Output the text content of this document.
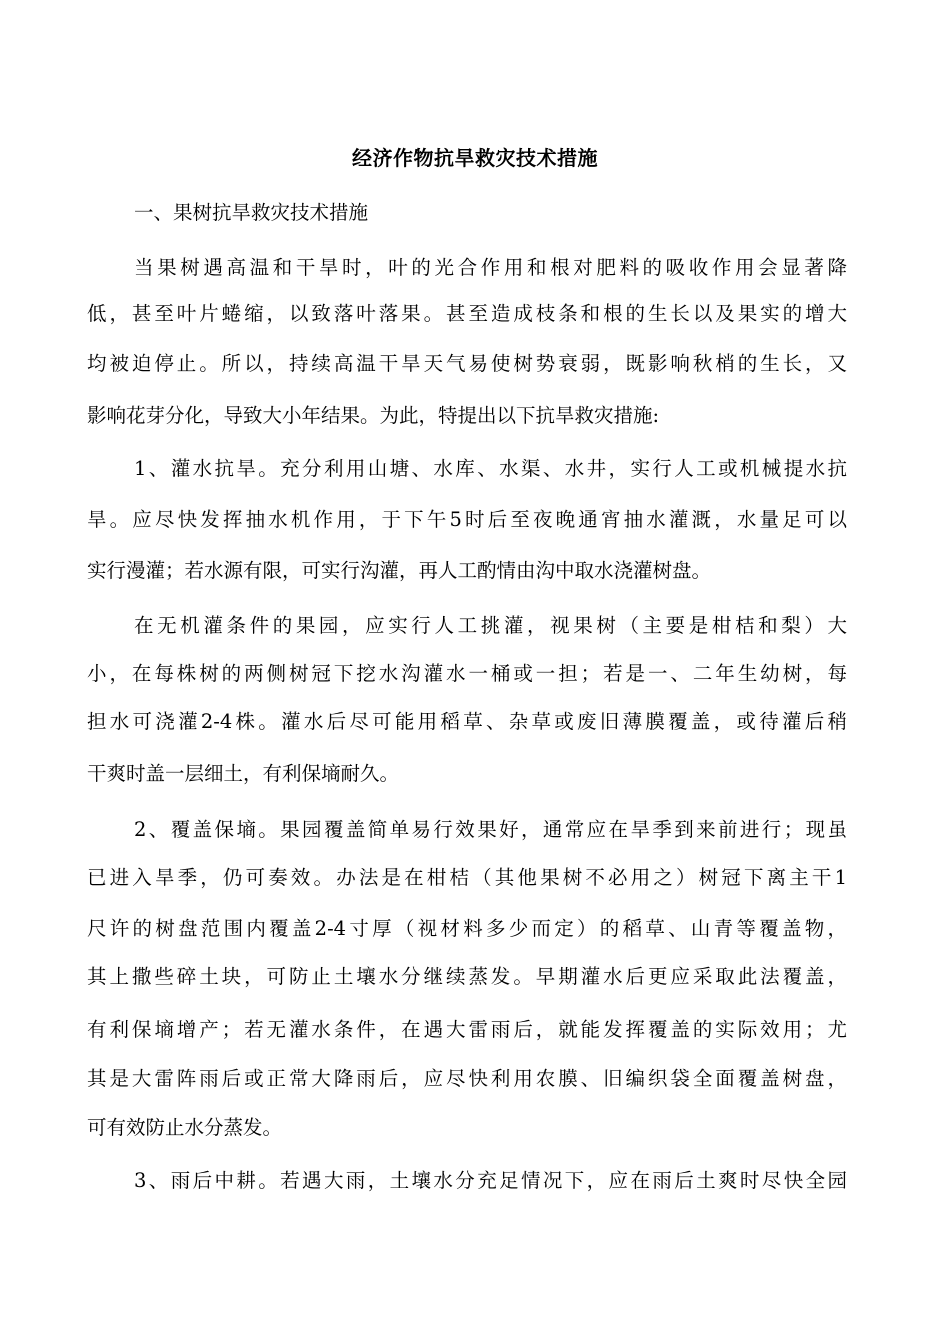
经济作物抗旱救灾技术措施
一、果树抗旱救灾技术措施
当果树遇高温和干旱时，叶的光合作用和根对肥料的吸收作用会显著降
低，甚至叶片蜷缩，以致落叶落果。甚至造成枝条和根的生长以及果实的增大
均被迫停止。所以，持续高温干旱天气易使树势衰弱，既影响秋梢的生长，又
影响花芽分化，导致大小年结果。为此，特提出以下抗旱救灾措施:
1、灌水抗旱。充分利用山塘、水库、水渠、水井，实行人工或机械提水抗
旱。应尽快发挥抽水机作用，于下午5时后至夜晚通宵抽水灌溉，水量足可以
实行漫灌；若水源有限，可实行沟灌，再人工酌情由沟中取水浇灌树盘。
在无机灌条件的果园，应实行人工挑灌，视果树（主要是柑桔和梨）大
小，在每株树的两侧树冠下挖水沟灌水一桶或一担；若是一、二年生幼树，每
担水可浇灌2-4株。灌水后尽可能用稻草、杂草或废旧薄膜覆盖，或待灌后稍
干爽时盖一层细土，有利保墒耐久。
2、覆盖保墒。果园覆盖简单易行效果好，通常应在旱季到来前进行；现虽
已进入旱季，仍可奏效。办法是在柑桔（其他果树不必用之）树冠下离主干1
尺许的树盘范围内覆盖2-4寸厚（视材料多少而定）的稻草、山青等覆盖物，
其上撒些碎土块，可防止土壤水分继续蒸发。早期灌水后更应采取此法覆盖，
有利保墒增产；若无灌水条件，在遇大雷雨后，就能发挥覆盖的实际效用；尤
其是大雷阵雨后或正常大降雨后，应尽快利用农膜、旧编织袋全面覆盖树盘，
可有效防止水分蒸发。
3、雨后中耕。若遇大雨，土壤水分充足情况下，应在雨后土爽时尽快全园
